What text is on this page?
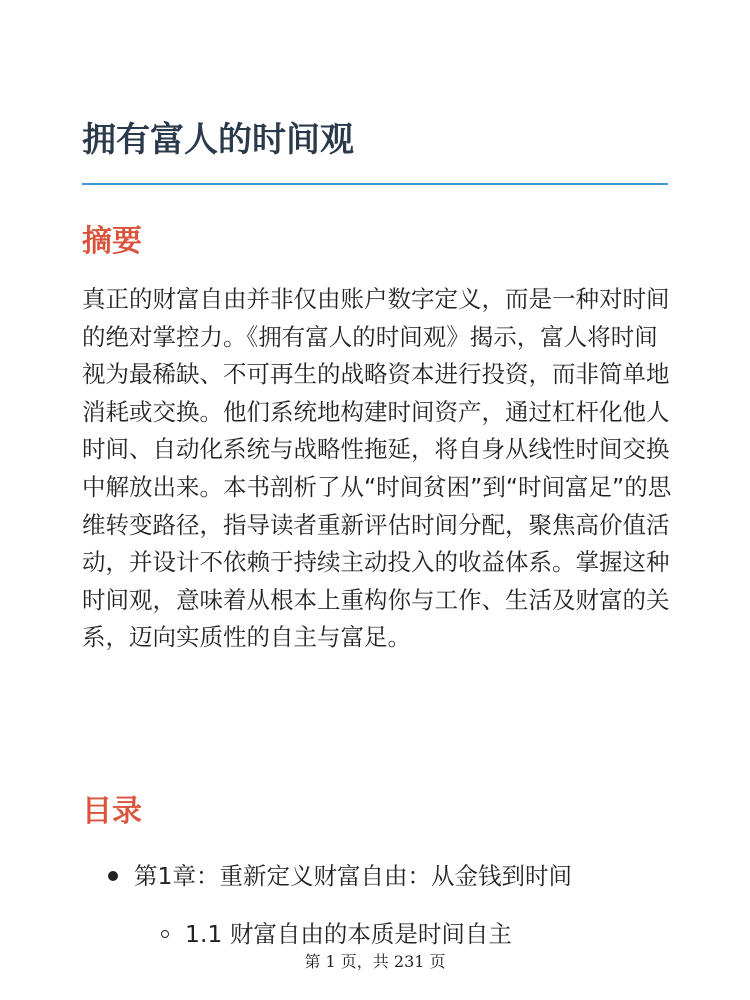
拥有富人的时间观
摘要

真正的财富自由并非仅由账户数字定义，而是一种对时间的绝对掌控力。《拥有富人的时间观》揭示，富人将时间视为最稀缺、不可再生的战略资本进行投资，而非简单地消耗或交换。他们系统地构建时间资产，通过杠杆化他人时间、自动化系统与战略性拖延，将自身从线性时间交换中解放出来。本书剖析了从“时间贫困”到“时间富足”的思维转变路径，指导读者重新评估时间分配，聚焦高价值活动，并设计不依赖于持续主动投入的收益体系。掌握这种时间观，意味着从根本上重构你与工作、生活及财富的关系，迈向实质性的自主与富足。

目录
第1章：重新定义财富自由：从金钱到时间
1.1 财富自由的本质是时间自主
第 1 页，共 231 页
